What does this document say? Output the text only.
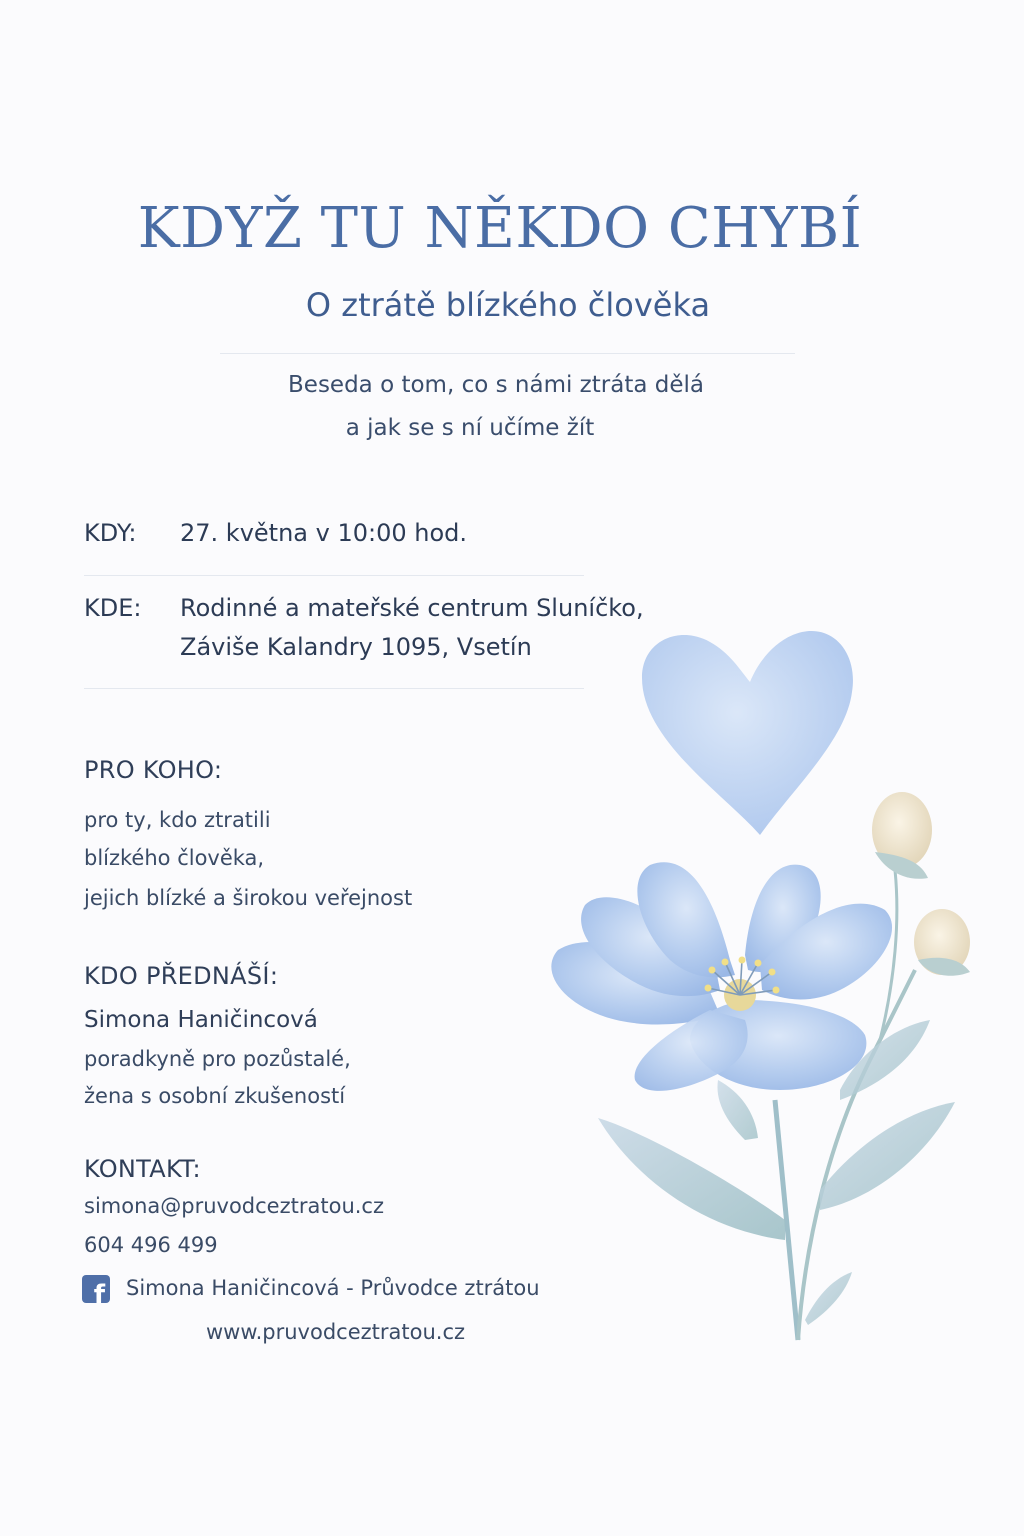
KDYŽ TU NĚKDO CHYBÍ
O ztrátě blízkého člověka
Beseda o tom, co s námi ztráta dělá
a jak se s ní učíme žít
KDY: 27. května v 10:00 hod.
KDE: Rodinné a mateřské centrum Sluníčko,
Záviše Kalandry 1095, Vsetín
PRO KOHO:
pro ty, kdo ztratili
blízkého člověka,
jejich blízké a širokou veřejnost
KDO PŘEDNÁŠÍ:
Simona Haničincová
poradkyně pro pozůstalé,
žena s osobní zkušeností
KONTAKT:
simona@pruvodceztratou.cz
604 496 499
f Simona Haničincová - Průvodce ztrátou
www.pruvodceztratou.cz
